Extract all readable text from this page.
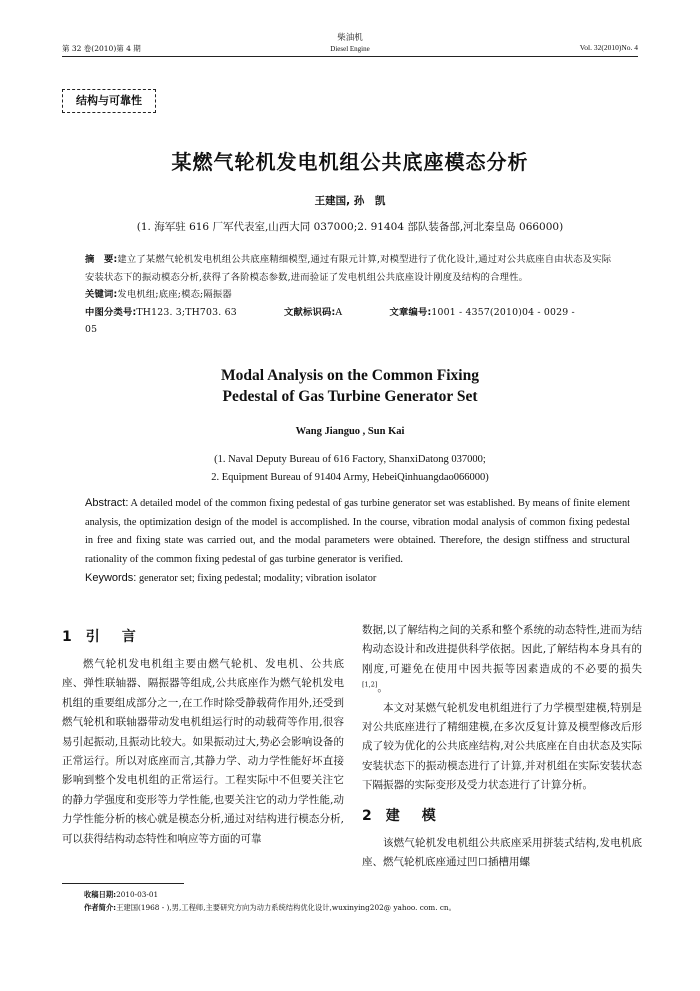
第 32 卷(2010)第 4 期
柴油机
Diesel Engine	Vol. 32(2010)No. 4
结构与可靠性
某燃气轮机发电机组公共底座模态分析
王建国, 孙　凯
(1. 海军驻 616 厂军代表室,山西大同 037000;2. 91404 部队装备部,河北秦皇岛 066000)
摘　要:建立了某燃气轮机发电机组公共底座精细模型,通过有限元计算,对模型进行了优化设计,通过对公共底座自由状态及实际安装状态下的振动模态分析,获得了各阶模态参数,进而验证了发电机组公共底座设计刚度及结构的合理性。
关键词:发电机组;底座;模态;隔振器
中图分类号:TH123. 3;TH703. 63	文献标识码:A	文章编号:1001 - 4357(2010)04 - 0029 - 05
Modal Analysis on the Common Fixing
Pedestal of Gas Turbine Generator Set
Wang Jianguo , Sun Kai
(1. Naval Deputy Bureau of 616 Factory, ShanxiDatong 037000;
2. Equipment Bureau of 91404 Army, HebeiQinhuangdao066000)
Abstract: A detailed model of the common fixing pedestal of gas turbine generator set was established. By means of finite element analysis, the optimization design of the model is accomplished. In the course, vibration modal analysis of common fixing pedestal in free and fixing state was carried out, and the modal parameters were obtained. Therefore, the design stiffness and structural rationality of the common fixing pedestal of gas turbine generator is verified.
Keywords: generator set; fixing pedestal; modality; vibration isolator
1 引　言

燃气轮机发电机组主要由燃气轮机、发电机、公共底座、弹性联轴器、隔振器等组成,公共底座作为燃气轮机发电机组的重要组成部分之一,在工作时除受静载荷作用外,还受到燃气轮机和联轴器带动发电机组运行时的动载荷等作用,很容易引起振动,且振动比较大。如果振动过大,势必会影响设备的正常运行。所以对底座而言,其静力学、动力学性能好坏直接影响到整个发电机组的正常运行。工程实际中不但要关注它的静力学强度和变形等力学性能,也要关注它的动力学性能,动力学性能分析的核心就是模态分析,通过对结构进行模态分析,可以获得结构动态特性和响应等方面的可靠

数据,以了解结构之间的关系和整个系统的动态特性,进而为结构动态设计和改进提供科学依据。因此,了解结构本身具有的刚度,可避免在使用中因共振等因素造成的不必要的损失[1,2]。

本文对某燃气轮机发电机组进行了力学模型建模,特别是对公共底座进行了精细建模,在多次反复计算及模型修改后形成了较为优化的公共底座结构,对公共底座在自由状态及实际安装状态下的振动模态进行了计算,并对机组在实际安装状态下隔振器的实际变形及受力状态进行了计算分析。

2 建　模

该燃气轮机发电机组公共底座采用拼装式结构,发电机底座、燃气轮机底座通过凹口插槽用螺

收稿日期:2010-03-01
作者简介:王建国(1968 - ),男,工程师,主要研究方向为动力系统结构优化设计,wuxinying202@ yahoo. com. cn。
